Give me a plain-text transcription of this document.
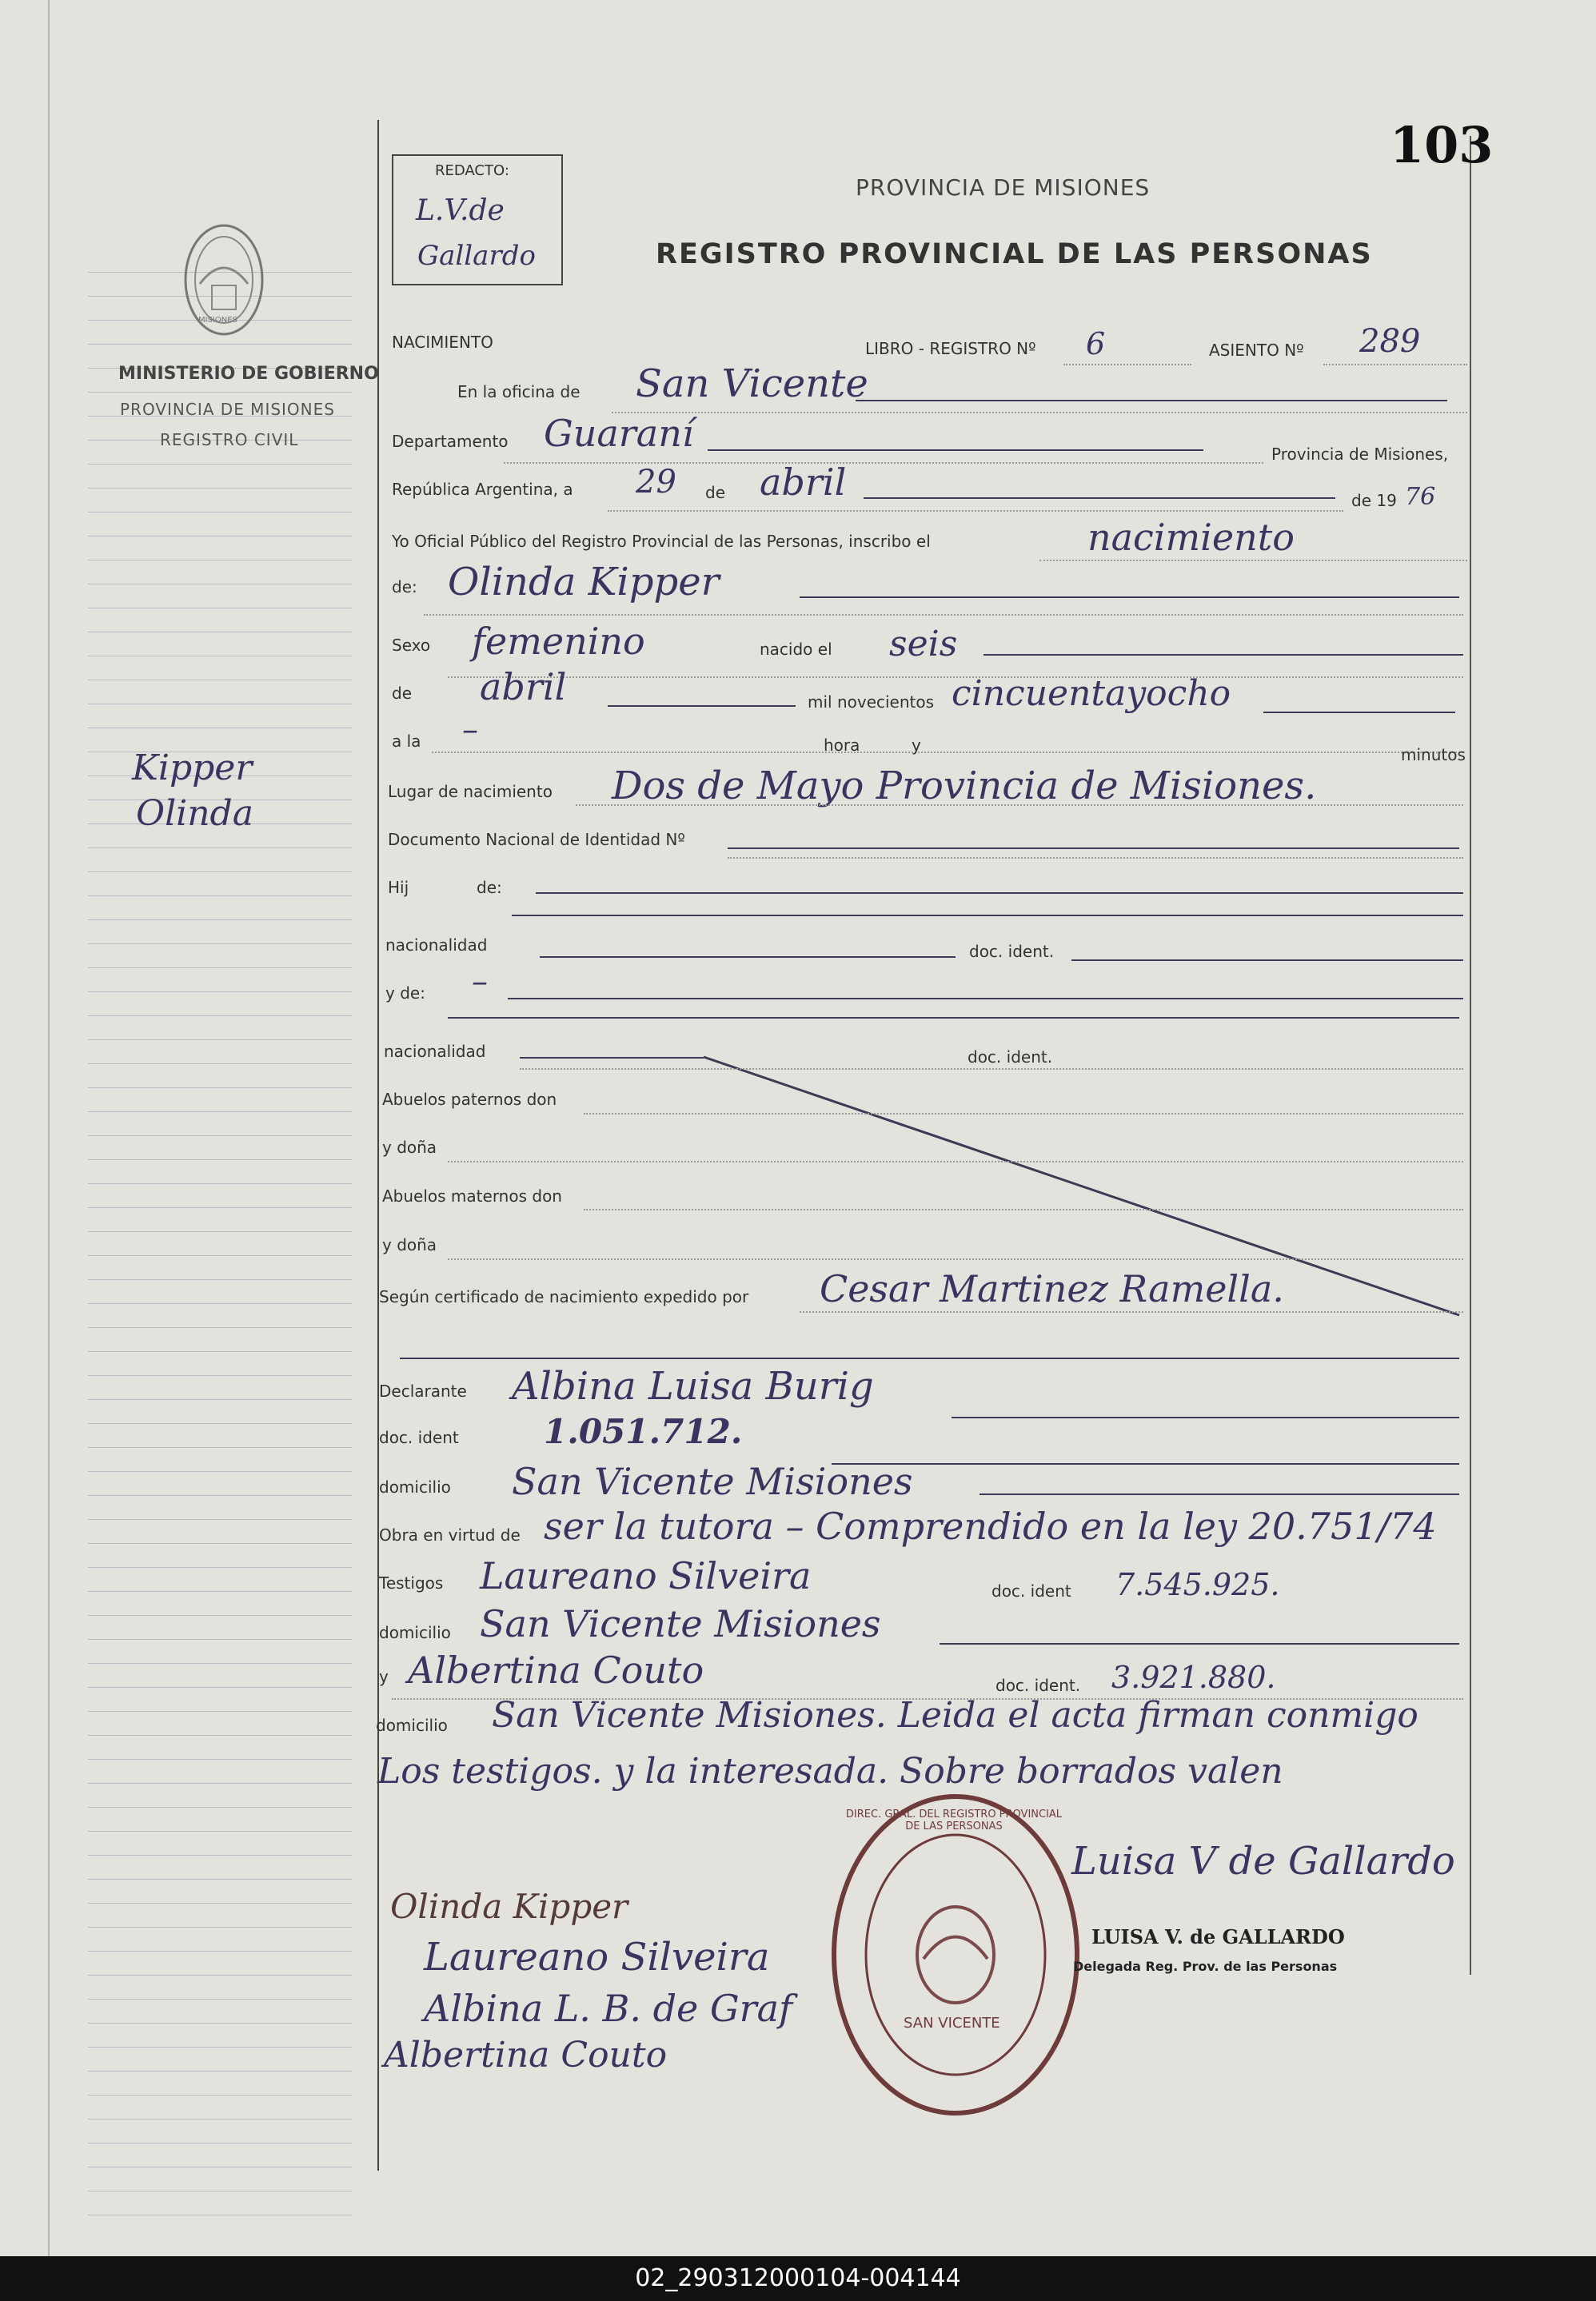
MISIONES
MINISTERIO DE GOBIERNO
PROVINCIA DE MISIONES
REGISTRO CIVIL
Kipper
Olinda
REDACTO:
L.V.de
Gallardo
103
PROVINCIA DE MISIONES
REGISTRO PROVINCIAL DE LAS PERSONAS
NACIMIENTO	LIBRO - REGISTRO Nº 6	ASIENTO Nº 289
En la oficina de San Vicente
Departamento Guaraní	Provincia de Misiones,
República Argentina, a 29 de abril	de 19 76
Yo Oficial Público del Registro Provincial de las Personas, inscribo el	nacimiento
de: Olinda Kipper
Sexo femenino	nacido el seis
de abril	mil novecientos cincuentayocho
a la –	hora	y	minutos
Lugar de nacimiento Dos de Mayo Provincia de Misiones.
Documento Nacional de Identidad Nº
Hij	de:
nacionalidad	doc. ident.
y de: –
nacionalidad	doc. ident.
Abuelos paternos don
y doña
Abuelos maternos don
y doña
Según certificado de nacimiento expedido por Cesar Martinez Ramella.
Declarante Albina Luisa Burig
doc. ident	1.051.712.
domicilio San Vicente Misiones
Obra en virtud de ser la tutora – Comprendido en la ley 20.751/74
Testigos Laureano Silveira	doc. ident 7.545.925.
domicilio San Vicente Misiones
y Albertina Couto	doc. ident. 3.921.880.
domicilio San Vicente Misiones. Leida el acta firman conmigo
Los testigos. y la interesada. Sobre borrados valen
DIREC. GRAL. DEL REGISTRO PROVINCIAL DE LAS PERSONAS
SAN VICENTE
Luisa V de Gallardo
LUISA V. de GALLARDO
Delegada Reg. Prov. de las Personas
Olinda Kipper
Laureano Silveira
Albina L. B. de Graf
Albertina Couto
02_290312000104-004144
